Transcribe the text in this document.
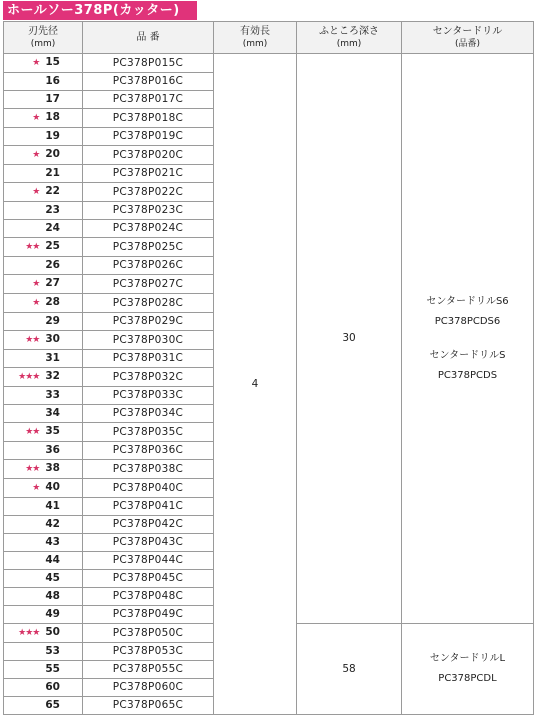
ホールソー378P(カッター)
刃先径
(mm)	品 番	有効長
(mm)	ふところ深さ
(mm)	センタードリル
(品番)

★ 15	PC378P015C	4	30	センタードリルS6
PC378PCDS6
センタードリルS
PC378PCDS

16	PC378P016C			
17	PC378P017C			
★ 18	PC378P018C			
19	PC378P019C			
★ 20	PC378P020C			
21	PC378P021C			
★ 22	PC378P022C			
23	PC378P023C			
24	PC378P024C			
★★ 25	PC378P025C			
26	PC378P026C			
★ 27	PC378P027C			
★ 28	PC378P028C			
29	PC378P029C			
★★ 30	PC378P030C			
31	PC378P031C			
★★★ 32	PC378P032C			
33	PC378P033C			
34	PC378P034C			
★★ 35	PC378P035C			
36	PC378P036C			
★★ 38	PC378P038C			
★ 40	PC378P040C			
41	PC378P041C			
42	PC378P042C			
43	PC378P043C			
44	PC378P044C			
45	PC378P045C			
48	PC378P048C			
49	PC378P049C			
★★★ 50	PC378P050C		58	センタードリルL
PC378PCDL

53	PC378P053C			
55	PC378P055C			
60	PC378P060C			
65	PC378P065C			
